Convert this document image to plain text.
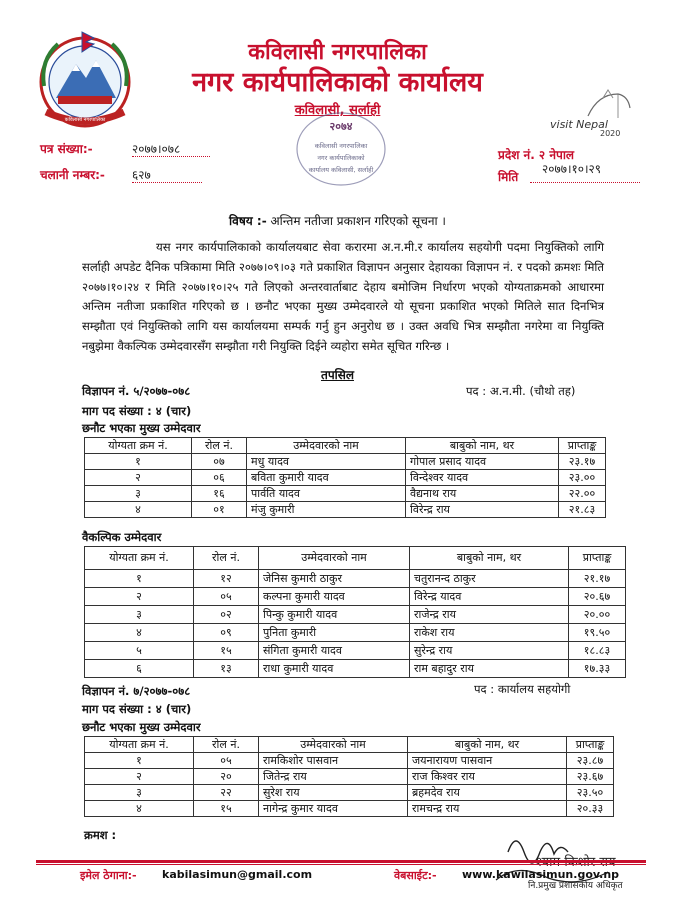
कविलासी नगरपालिका
कविलासी नगरपालिका
नगर कार्यपालिकाको कार्यालय
कविलासी, सर्लाही
२०७४
कविलासी नगरपालिका
नगर कार्यपालिकाको
कार्यालय कविलासी, सर्लाही
visit Nepal
2020
पत्र संख्या:-	२०७७।०७८
चलानी नम्बर:- ६२७
प्रदेश नं. २ नेपाल
मिति
२०७७।१०।२९
विषय :- अन्तिम नतीजा प्रकाशन गरिएको सूचना ।
यस नगर कार्यपालिकाको कार्यालयबाट सेवा करारमा अ.न.मी.र कार्यालय सहयोगी पदमा नियुक्तिको लागि सर्लाही अपडेट दैनिक पत्रिकामा मिति २०७७।०९।०३ गते प्रकाशित विज्ञापन अनुसार देहायका विज्ञापन नं. र पदको क्रमशः मिति २०७७।१०।२४ र मिति २०७७।१०।२५ गते लिएको अन्तरवार्ताबाट देहाय बमोजिम निर्धारण भएको योग्यताक्रमको आधारमा अन्तिम नतीजा प्रकाशित गरिएको छ । छनौट भएका मुख्य उम्मेदवारले यो सूचना प्रकाशित भएको मितिले सात दिनभित्र सम्झौता एवं नियुक्तिको लागि यस कार्यालयमा सम्पर्क गर्नु हुन अनुरोध छ । उक्त अवधि भित्र सम्झौता नगरेमा वा नियुक्ति नबुझेमा वैकल्पिक उम्मेदवारसँग सम्झौता गरी नियुक्ति दिईने व्यहोरा समेत सूचित गरिन्छ ।
तपसिल
विज्ञापन नं. ५/२०७७-०७८	पद : अ.न.मी. (चौथो तह)
माग पद संख्या : ४ (चार)
छनौट भएका मुख्य उम्मेदवार
योग्यता क्रम नं.	रोल नं.	उम्मेदवारको नाम	बाबुको नाम, थर	प्राप्ताङ्क
१	०७	मधु यादव	गोपाल प्रसाद यादव	२३.१७
२	०६	बविता कुमारी यादव	विन्देश्वर यादव	२३.००
३	१६	पार्वति यादव	वैद्यनाथ राय	२२.००
४	०१	मंजु कुमारी	विरेन्द्र राय	२१.८३
वैकल्पिक उम्मेदवार
योग्यता क्रम नं.	रोल नं.	उम्मेदवारको नाम	बाबुको नाम, थर	प्राप्ताङ्क
१	१२	जेनिस कुमारी ठाकुर	चतुरानन्द ठाकुर	२१.१७
२	०५	कल्पना कुमारी यादव	विरेन्द्र यादव	२०.६७
३	०२	पिन्कु कुमारी यादव	राजेन्द्र राय	२०.००
४	०९	पुनिता कुमारी	राकेश राय	१९.५०
५	१५	संगिता कुमारी यादव	सुरेन्द्र राय	१८.८३
६	१३	राधा कुमारी यादव	राम बहादुर राय	१७.३३
विज्ञापन नं. ७/२०७७-०७८	पद : कार्यालय सहयोगी
माग पद संख्या : ४ (चार)
छनौट भएका मुख्य उम्मेदवार
योग्यता क्रम नं.	रोल नं.	उम्मेदवारको नाम	बाबुको नाम, थर	प्राप्ताङ्क
१	०५	रामकिशोर पासवान	जयनारायण पासवान	२३.८७
२	२०	जितेन्द्र राय	राज किश्वर राय	२३.६७
३	२२	सुरेश राय	ब्रहमदेव राय	२३.५०
४	१५	नागेन्द्र कुमार यादव	रामचन्द्र राय	२०.३३
क्रमश :
नि.प्रमुख प्रशासकीय अधिकृत
इमेल ठेगाना:- kabilasimun@gmail.com	वेबसाईट:- www.kawilasimun.gov.np
